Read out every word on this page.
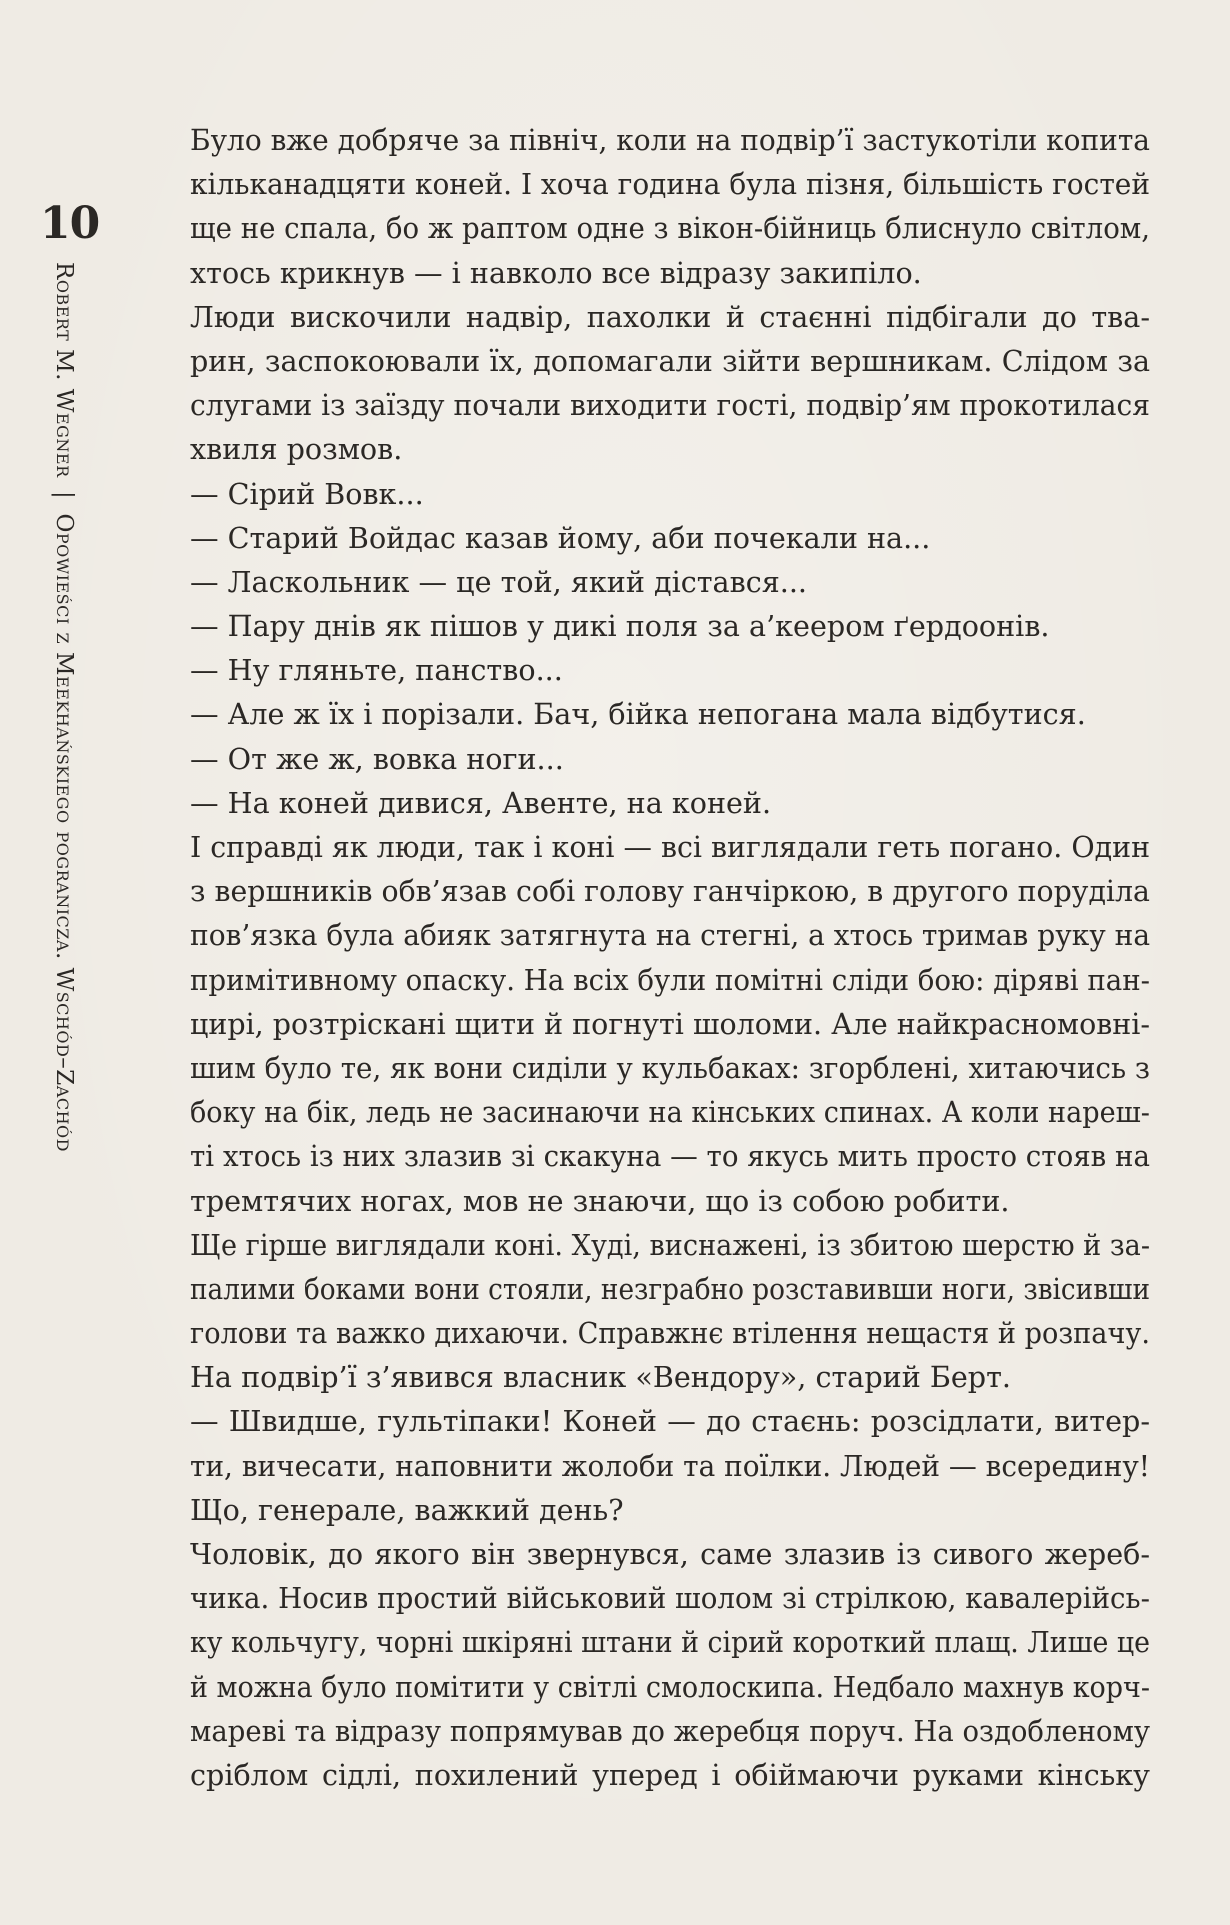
10
Robert M. Wegner | Opowieści z Meekhańskiego pogranicza. Wschód–Zachód
Було вже добряче за північ, коли на подвір’ї застукотіли копита
кільканадцяти коней. І хоча година була пізня, більшість гостей
ще не спала, бо ж раптом одне з вікон-бійниць блиснуло світлом,
хтось крикнув — і навколо все відразу закипіло.
Люди вискочили надвір, пахолки й стаєнні підбігали до тва-
рин, заспокоювали їх, допомагали зійти вершникам. Слідом за
слугами із заїзду почали виходити гості, подвір’ям прокотилася
хвиля розмов.
— Сірий Вовк...
— Старий Войдас казав йому, аби почекали на...
— Ласкольник — це той, який дістався...
— Пару днів як пішов у дикі поля за а’кеером ґердоонів.
— Ну гляньте, панство...
— Але ж їх і порізали. Бач, бійка непогана мала відбутися.
— От же ж, вовка ноги...
— На коней дивися, Авенте, на коней.
І справді як люди, так і коні — всі виглядали геть погано. Один
з вершників обв’язав собі голову ганчіркою, в другого порудiла
пов’язка була абияк затягнута на стегні, а хтось тримав руку на
примітивному опаску. На всіх були помітні сліди бою: діряві пан-
цирі, розтріскані щити й погнуті шоломи. Але найкрасномовні-
шим було те, як вони сиділи у кульбаках: згорблені, хитаючись з
боку на бік, ледь не засинаючи на кінських спинах. А коли нареш-
ті хтось із них злазив зі скакуна — то якусь мить просто стояв на
тремтячих ногах, мов не знаючи, що із собою робити.
Ще гірше виглядали коні. Худі, виснажені, із збитою шерстю й за-
палими боками вони стояли, незграбно розставивши ноги, звісивши
голови та важко дихаючи. Справжнє втілення нещастя й розпачу.
На подвір’ї з’явився власник «Вендору», старий Берт.
— Швидше, гультіпаки! Коней — до стаєнь: розсідлати, витер-
ти, вичесати, наповнити жолоби та поїлки. Людей — всередину!
Що, генерале, важкий день?
Чоловік, до якого він звернувся, саме злазив із сивого жереб-
чика. Носив простий військовий шолом зі стрілкою, кавалерійсь-
ку кольчугу, чорні шкіряні штани й сірий короткий плащ. Лише це
й можна було помітити у світлі смолоскипа. Недбало махнув корч-
мареві та відразу попрямував до жеребця поруч. На оздобленому
сріблом сідлі, похилений уперед і обіймаючи руками кінську
